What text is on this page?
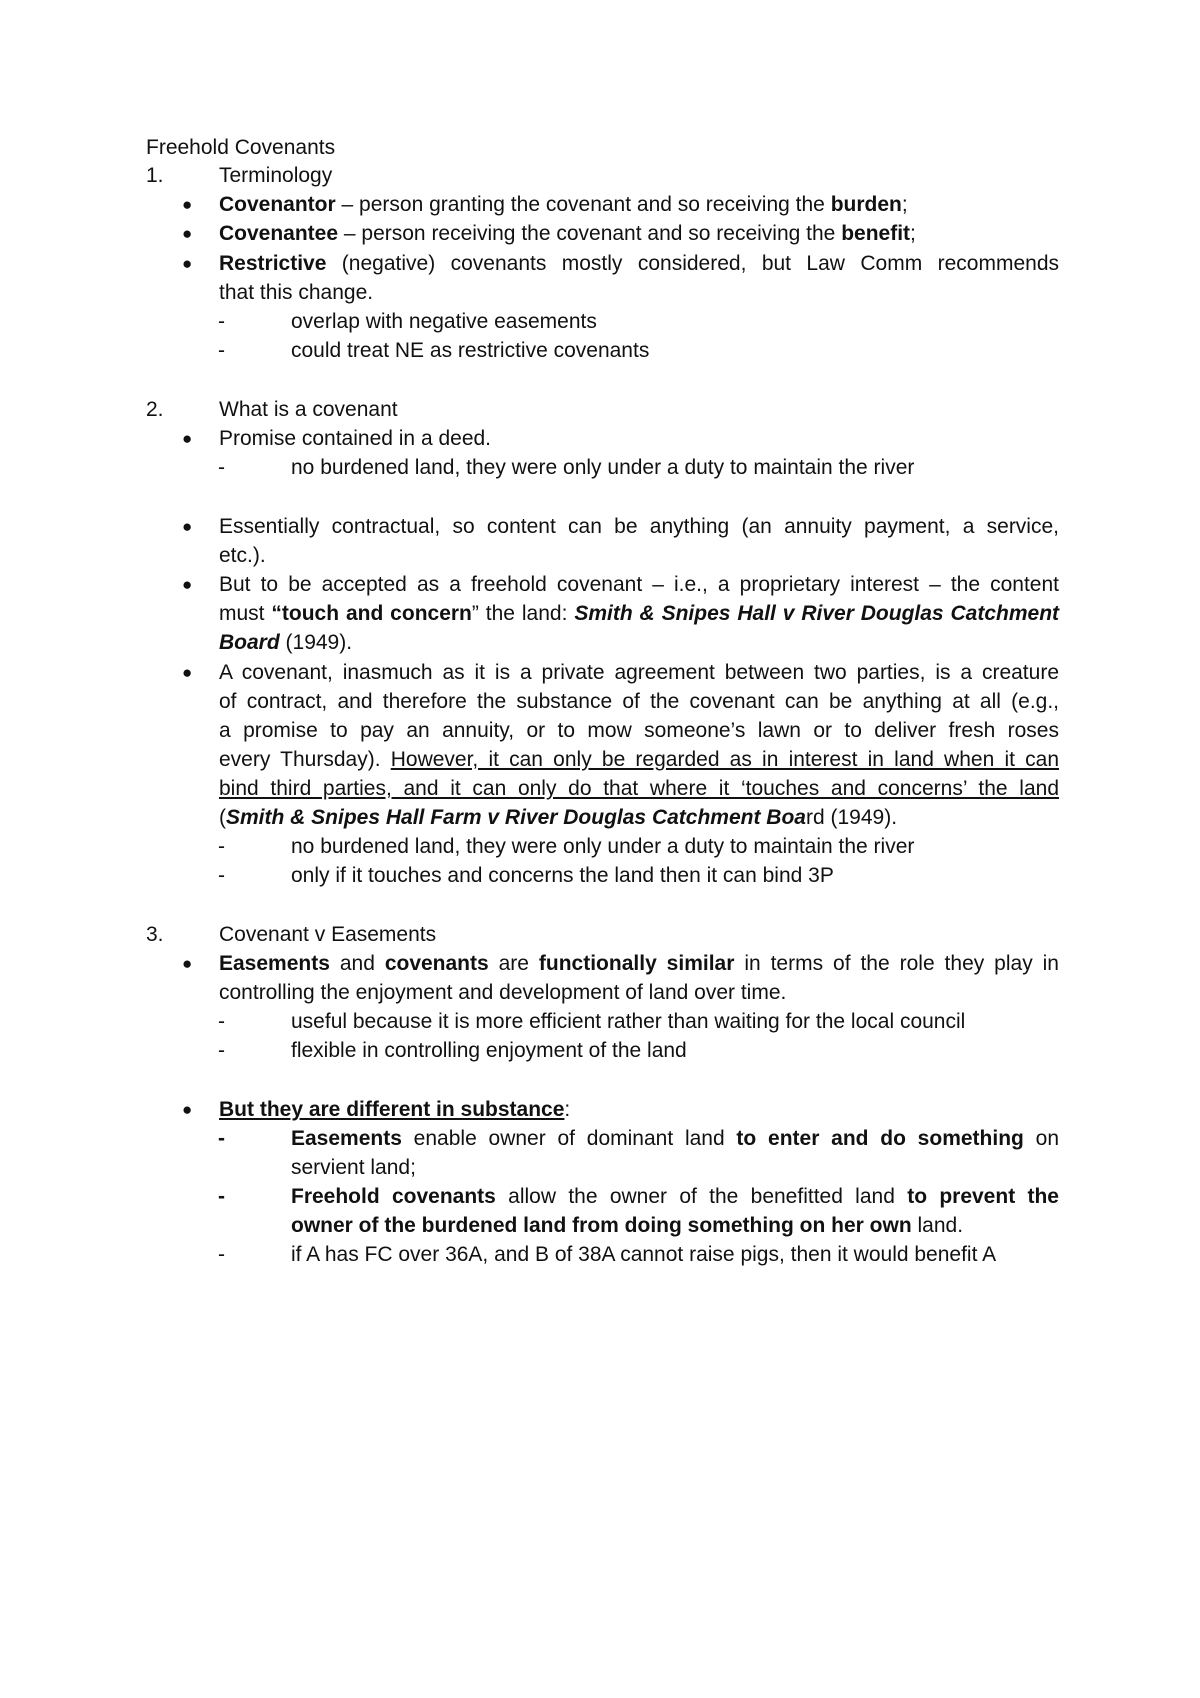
Freehold Covenants
1.	Terminology
● Covenantor – person granting the covenant and so receiving the burden;
● Covenantee – person receiving the covenant and so receiving the benefit;
● Restrictive (negative) covenants mostly considered, but Law Comm recommends
that this change.
-	overlap with negative easements
-	could treat NE as restrictive covenants
2.	What is a covenant
● Promise contained in a deed.
-	no burdened land, they were only under a duty to maintain the river
● Essentially contractual, so content can be anything (an annuity payment, a service,
etc.).
● But to be accepted as a freehold covenant – i.e., a proprietary interest – the content
must “touch and concern” the land: Smith & Snipes Hall v River Douglas Catchment
Board (1949).
● A covenant, inasmuch as it is a private agreement between two parties, is a creature
of contract, and therefore the substance of the covenant can be anything at all (e.g.,
a promise to pay an annuity, or to mow someone’s lawn or to deliver fresh roses
every Thursday). However, it can only be regarded as in interest in land when it can
bind third parties, and it can only do that where it ‘touches and concerns’ the land
(Smith & Snipes Hall Farm v River Douglas Catchment Board (1949).
-	no burdened land, they were only under a duty to maintain the river
-	only if it touches and concerns the land then it can bind 3P
3.	Covenant v Easements
● Easements and covenants are functionally similar in terms of the role they play in
controlling the enjoyment and development of land over time.
-	useful because it is more efficient rather than waiting for the local council
-	flexible in controlling enjoyment of the land
● But they are different in substance:
-	Easements enable owner of dominant land to enter and do something on
servient land;
-	Freehold covenants allow the owner of the benefitted land to prevent the
owner of the burdened land from doing something on her own land.
-	if A has FC over 36A, and B of 38A cannot raise pigs, then it would benefit A
